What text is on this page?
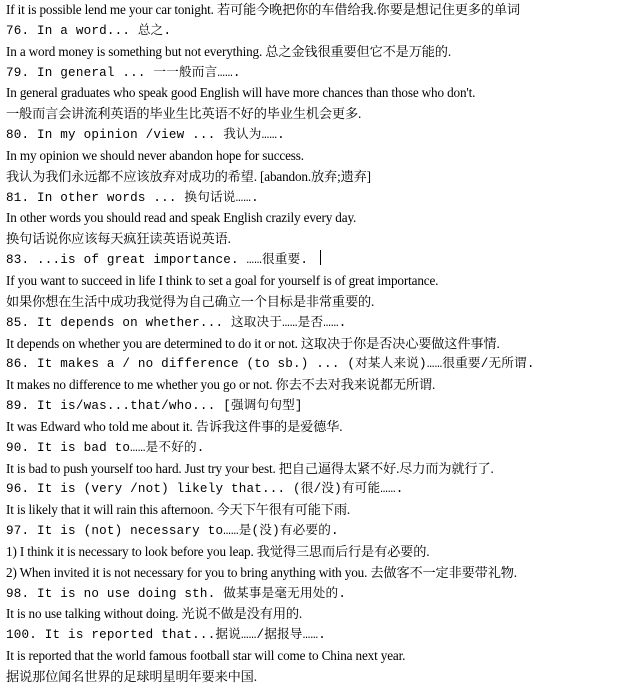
If it is possible lend me your car tonight. 若可能今晚把你的车借给我.你要是想记住更多的单词
76. In a word... 总之.
In a word money is something but not everything. 总之金钱很重要但它不是万能的.
79. In general ... 一一般而言…….
In general graduates who speak good English will have more chances than those who don't.
一般而言会讲流利英语的毕业生比英语不好的毕业生机会更多.
80. In my opinion /view ... 我认为…….
In my opinion we should never abandon hope for success.
我认为我们永远都不应该放弃对成功的希望. [abandon.放弃;遗弃]
81. In other words ... 换句话说…….
In other words you should read and speak English crazily every day.
换句话说你应该每天疯狂读英语说英语.
83. ...is of great importance. ……很重要.
If you want to succeed in life I think to set a goal for yourself is of great importance.
如果你想在生活中成功我觉得为自己确立一个目标是非常重要的.
85. It depends on whether... 这取决于……是否…….
It depends on whether you are determined to do it or not. 这取决于你是否决心要做这件事情.
86. It makes a / no difference (to sb.) ... (对某人来说)……很重要/无所谓.
It makes no difference to me whether you go or not. 你去不去对我来说都无所谓.
89. It is/was...that/who... [强调句句型]
It was Edward who told me about it. 告诉我这件事的是爱德华.
90. It is bad to……是不好的.
It is bad to push yourself too hard. Just try your best. 把自己逼得太紧不好.尽力而为就行了.
96. It is (very /not) likely that... (很/没)有可能…….
It is likely that it will rain this afternoon. 今天下午很有可能下雨.
97. It is (not) necessary to……是(没)有必要的.
1) I think it is necessary to look before you leap. 我觉得三思而后行是有必要的.
2) When invited it is not necessary for you to bring anything with you. 去做客不一定非要带礼物.
98. It is no use doing sth. 做某事是毫无用处的.
It is no use talking without doing. 光说不做是没有用的.
100. It is reported that...据说……/据报导…….
It is reported that the world famous football star will come to China next year.
据说那位闻名世界的足球明星明年要来中国.
